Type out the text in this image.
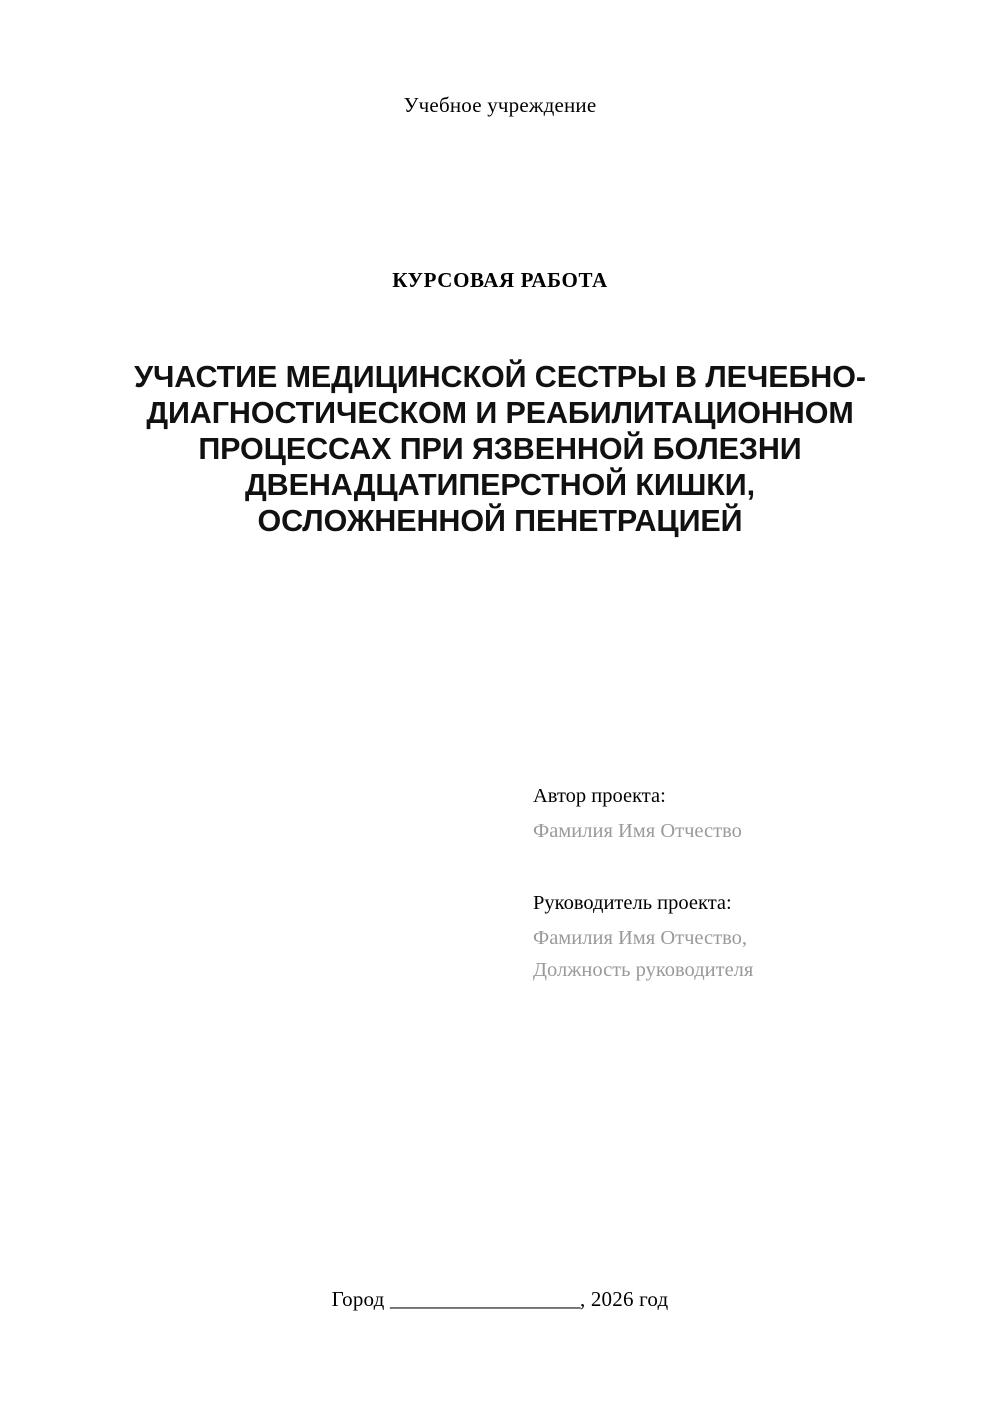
Учебное учреждение
КУРСОВАЯ РАБОТА
УЧАСТИЕ МЕДИЦИНСКОЙ СЕСТРЫ В ЛЕЧЕБНО-ДИАГНОСТИЧЕСКОМ И РЕАБИЛИТАЦИОННОМ ПРОЦЕССАХ ПРИ ЯЗВЕННОЙ БОЛЕЗНИ ДВЕНАДЦАТИПЕРСТНОЙ КИШКИ, ОСЛОЖНЕННОЙ ПЕНЕТРАЦИЕЙ
Автор проекта:
Фамилия Имя Отчество
Руководитель проекта:
Фамилия Имя Отчество,
Должность руководителя
Город ___________________, 2026 год
